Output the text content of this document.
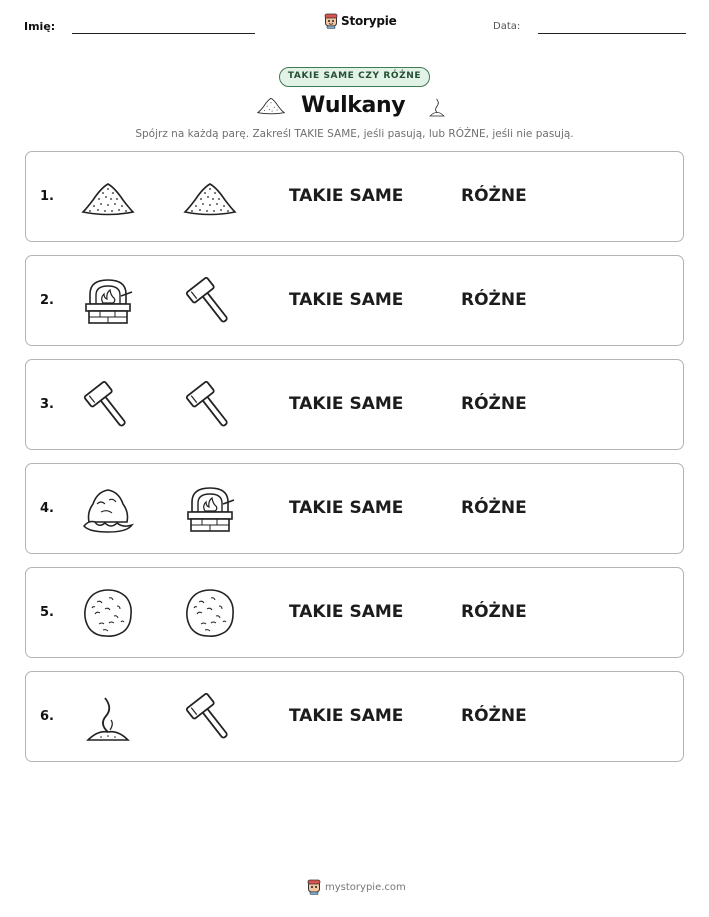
Imię:	Storypie	Data:
TAKIE SAME CZY RÓŻNE
Wulkany
Spójrz na każdą parę. Zakreśl TAKIE SAME, jeśli pasują, lub RÓŻNE, jeśli nie pasują.
1.	TAKIE SAME	RÓŻNE
2.	TAKIE SAME	RÓŻNE
3.	TAKIE SAME	RÓŻNE
4.	TAKIE SAME	RÓŻNE
5.	TAKIE SAME	RÓŻNE
6.	TAKIE SAME	RÓŻNE
mystorypie.com
